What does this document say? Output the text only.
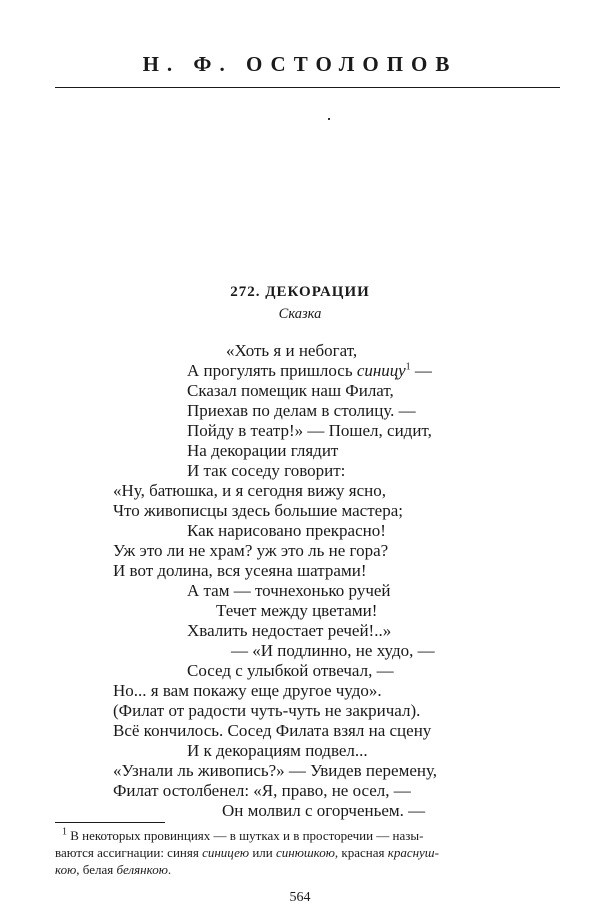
Н. Ф. ОСТОЛОПОВ
272. ДЕКОРАЦИИ
Сказка
«Хоть я и небогат,
А прогулять пришлось синицу$^1$ —
Сказал помещик наш Филат,
Приехав по делам в столицу. —
Пойду в театр!» — Пошел, сидит,
На декорации глядит
И так соседу говорит:
«Ну, батюшка, и я сегодня вижу ясно,
Что живописцы здесь большие мастера;
Как нарисовано прекрасно!
Уж это ли не храм? уж это ль не гора?
И вот долина, вся усеяна шатрами!
А там — точнехонько ручей
Течет между цветами!
Хвалить недостает речей!..»
— «И подлинно, не худо, —
Сосед с улыбкой отвечал, —
Но... я вам покажу еще другое чудо».
(Филат от радости чуть-чуть не закричал).
Всё кончилось. Сосед Филата взял на сцену
И к декорациям подвел...
«Узнали ль живопись?» — Увидев перемену,
Филат остолбенел: «Я, право, не осел, —
Он молвил с огорченьем. —
$^1$ В некоторых провинциях — в шутках и в просторечии — назы-
ваются ассигнации: синяя синицею или синюшкою, красная краснуш-
кою, белая белянкою.
564
